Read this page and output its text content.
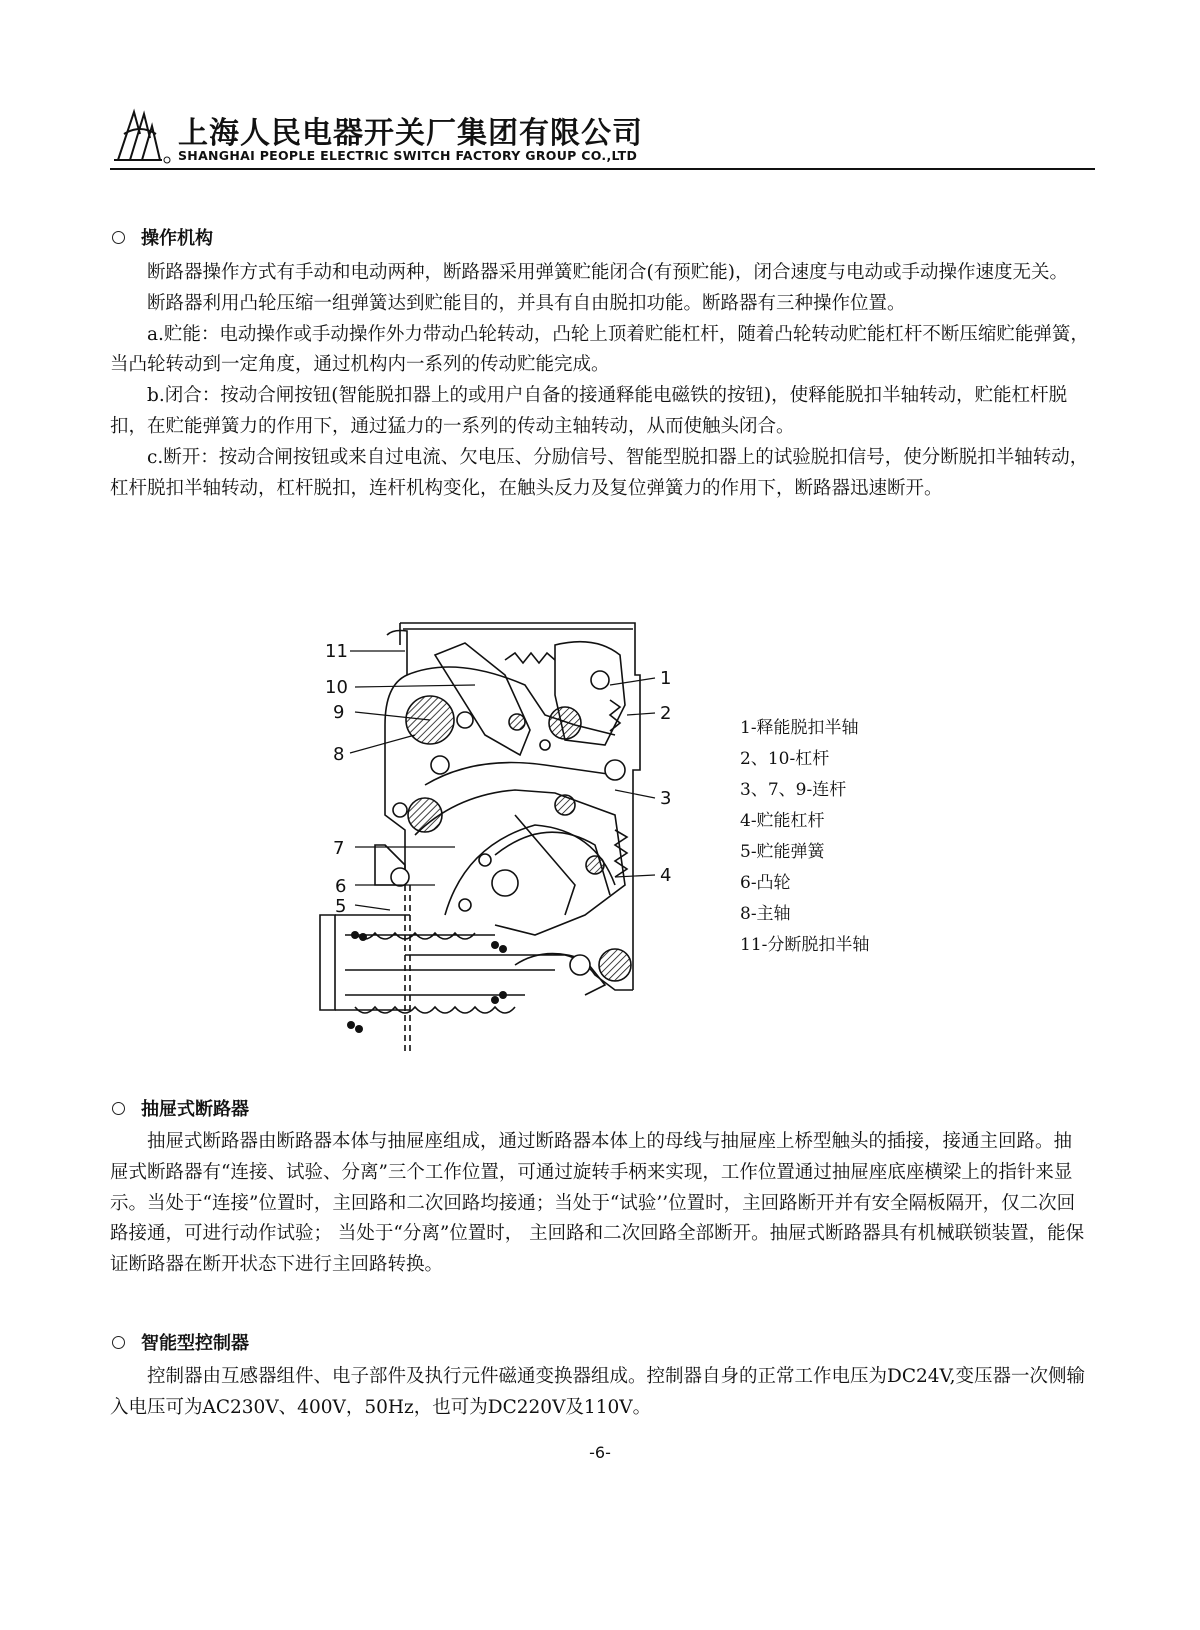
上海人民电器开关厂集团有限公司
SHANGHAI PEOPLE ELECTRIC SWITCH FACTORY GROUP CO.,LTD
操作机构

断路器操作方式有手动和电动两种，断路器采用弹簧贮能闭合(有预贮能)，闭合速度与电动或手动操作速度无关。

断路器利用凸轮压缩一组弹簧达到贮能目的，并具有自由脱扣功能。断路器有三种操作位置。

a.贮能：电动操作或手动操作外力带动凸轮转动，凸轮上顶着贮能杠杆，随着凸轮转动贮能杠杆不断压缩贮能弹簧，当凸轮转动到一定角度，通过机构内一系列的传动贮能完成。

b.闭合：按动合闸按钮(智能脱扣器上的或用户自备的接通释能电磁铁的按钮)，使释能脱扣半轴转动，贮能杠杆脱扣，在贮能弹簧力的作用下，通过猛力的一系列的传动主轴转动，从而使触头闭合。

c.断开：按动合闸按钮或来自过电流、欠电压、分励信号、智能型脱扣器上的试验脱扣信号，使分断脱扣半轴转动，杠杆脱扣半轴转动，杠杆脱扣，连杆机构变化，在触头反力及复位弹簧力的作用下，断路器迅速断开。

11
10
9
8
7
6
5
1
2
3
4
1-释能脱扣半轴
2、10-杠杆
3、7、9-连杆
4-贮能杠杆
5-贮能弹簧
6-凸轮
8-主轴
11-分断脱扣半轴
抽屉式断路器

抽屉式断路器由断路器本体与抽屉座组成，通过断路器本体上的母线与抽屉座上桥型触头的插接，接通主回路。抽屉式断路器有“连接、试验、分离”三个工作位置，可通过旋转手柄来实现，工作位置通过抽屉座底座横梁上的指针来显示。当处于“连接”位置时，主回路和二次回路均接通；当处于“试验’’位置时，主回路断开并有安全隔板隔开，仅二次回路接通，可进行动作试验； 当处于“分离”位置时， 主回路和二次回路全部断开。抽屉式断路器具有机械联锁装置，能保证断路器在断开状态下进行主回路转换。

智能型控制器

控制器由互感器组件、电子部件及执行元件磁通变换器组成。控制器自身的正常工作电压为DC24V,变压器一次侧输入电压可为AC230V、400V，50Hz，也可为DC220V及110V。

-6-
